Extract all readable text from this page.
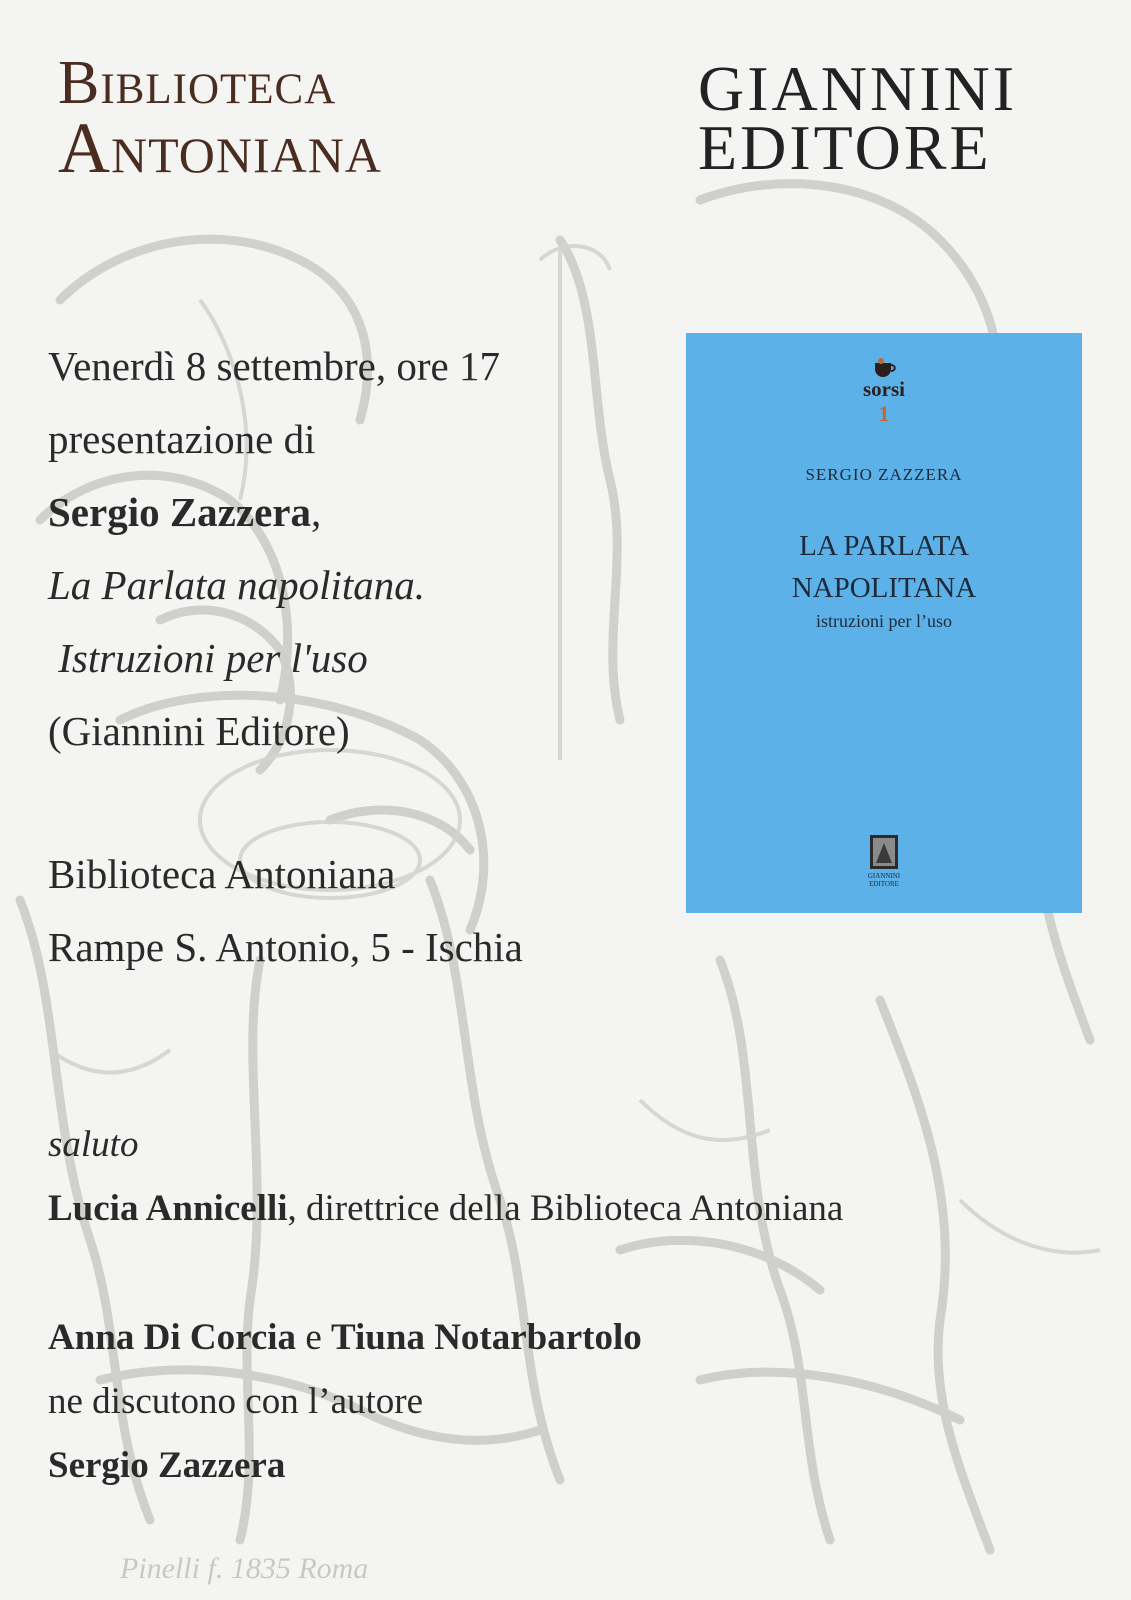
Pinelli f. 1835 Roma
Biblioteca
Antoniana
GIANNINI
EDITORE
Venerdì 8 settembre, ore 17
presentazione di
Sergio Zazzera,
La Parlata napolitana.
Istruzioni per l'uso
(Giannini Editore)
Biblioteca Antoniana
Rampe S. Antonio, 5 - Ischia
saluto
Lucia Annicelli, direttrice della Biblioteca Antoniana
Anna Di Corcia e Tiuna Notarbartolo
ne discutono con l’autore
Sergio Zazzera
sorsi
1
SERGIO ZAZZERA
LA PARLATA
NAPOLITANA
istruzioni per l’uso
GIANNINI
EDITORE
